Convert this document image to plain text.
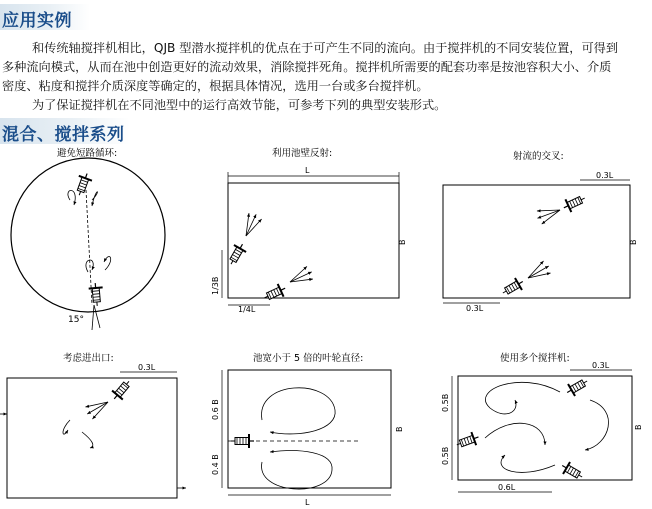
应用实例
和传统轴搅拌机相比，QJB 型潜水搅拌机的优点在于可产生不同的流向。由于搅拌机的不同安装位置，可得到
多种流向模式，从而在池中创造更好的流动效果，消除搅拌死角。搅拌机所需要的配套功率是按池容积大小、介质
密度、粘度和搅拌介质深度等确定的，根据具体情况，选用一台或多台搅拌机。
为了保证搅拌机在不同池型中的运行高效节能，可参考下列的典型安装形式。
混合、搅拌系列
避免短路循环:	利用池壁反射:	射流的交叉:
考虑进出口:	池宽小于 5 倍的叶轮直径:	使用多个搅拌机:
15°
L
B
1/3B
1/4L
0.3L
0.3L
B
0.3L
0.6 B
0.4 B
B
L
0.3L
0.5B
0.5B
B
0.6L
